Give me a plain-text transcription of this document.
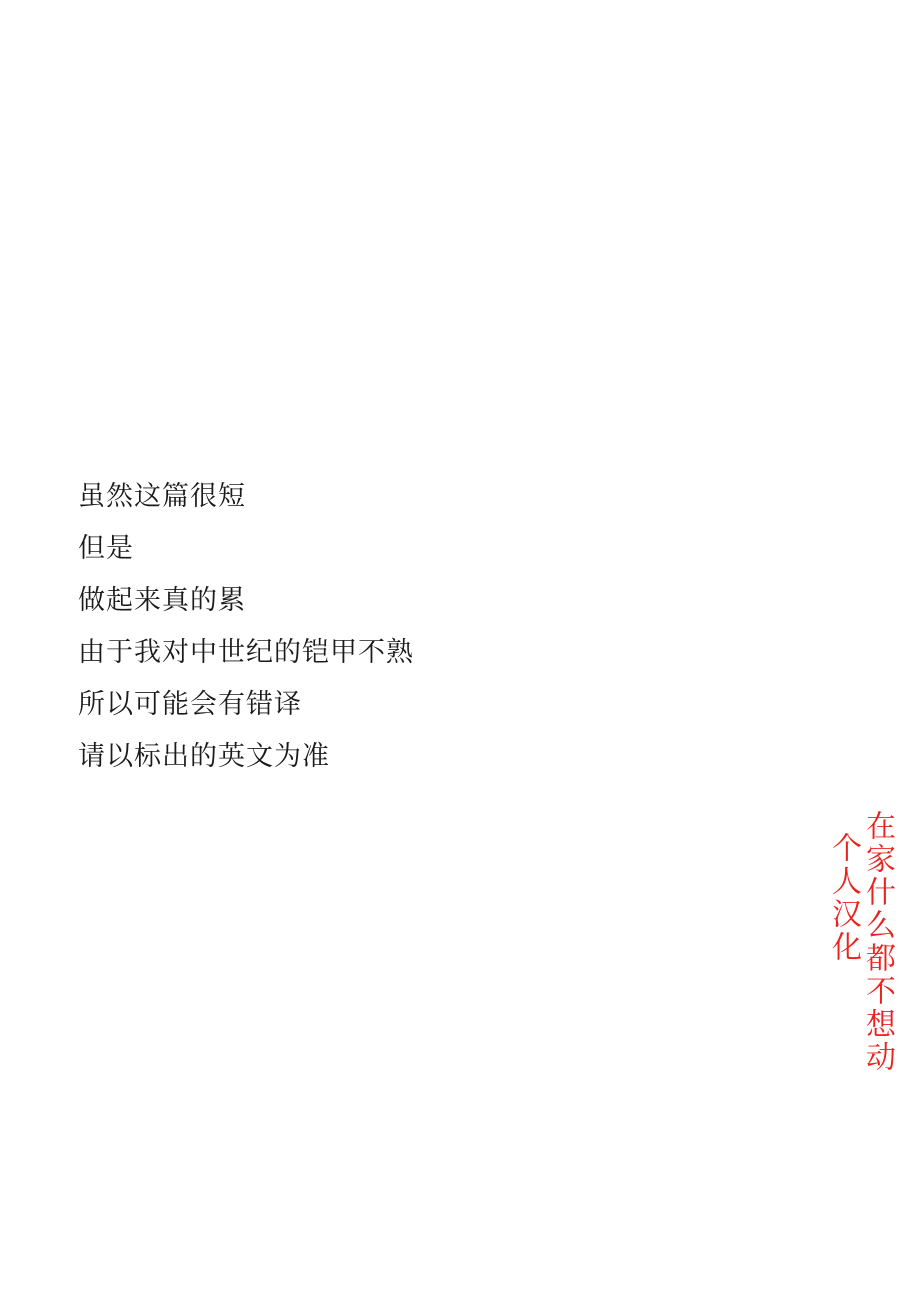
虽然这篇很短
但是
做起来真的累
由于我对中世纪的铠甲不熟
所以可能会有错译
请以标出的英文为准
个人汉化 在家什么都不想动
